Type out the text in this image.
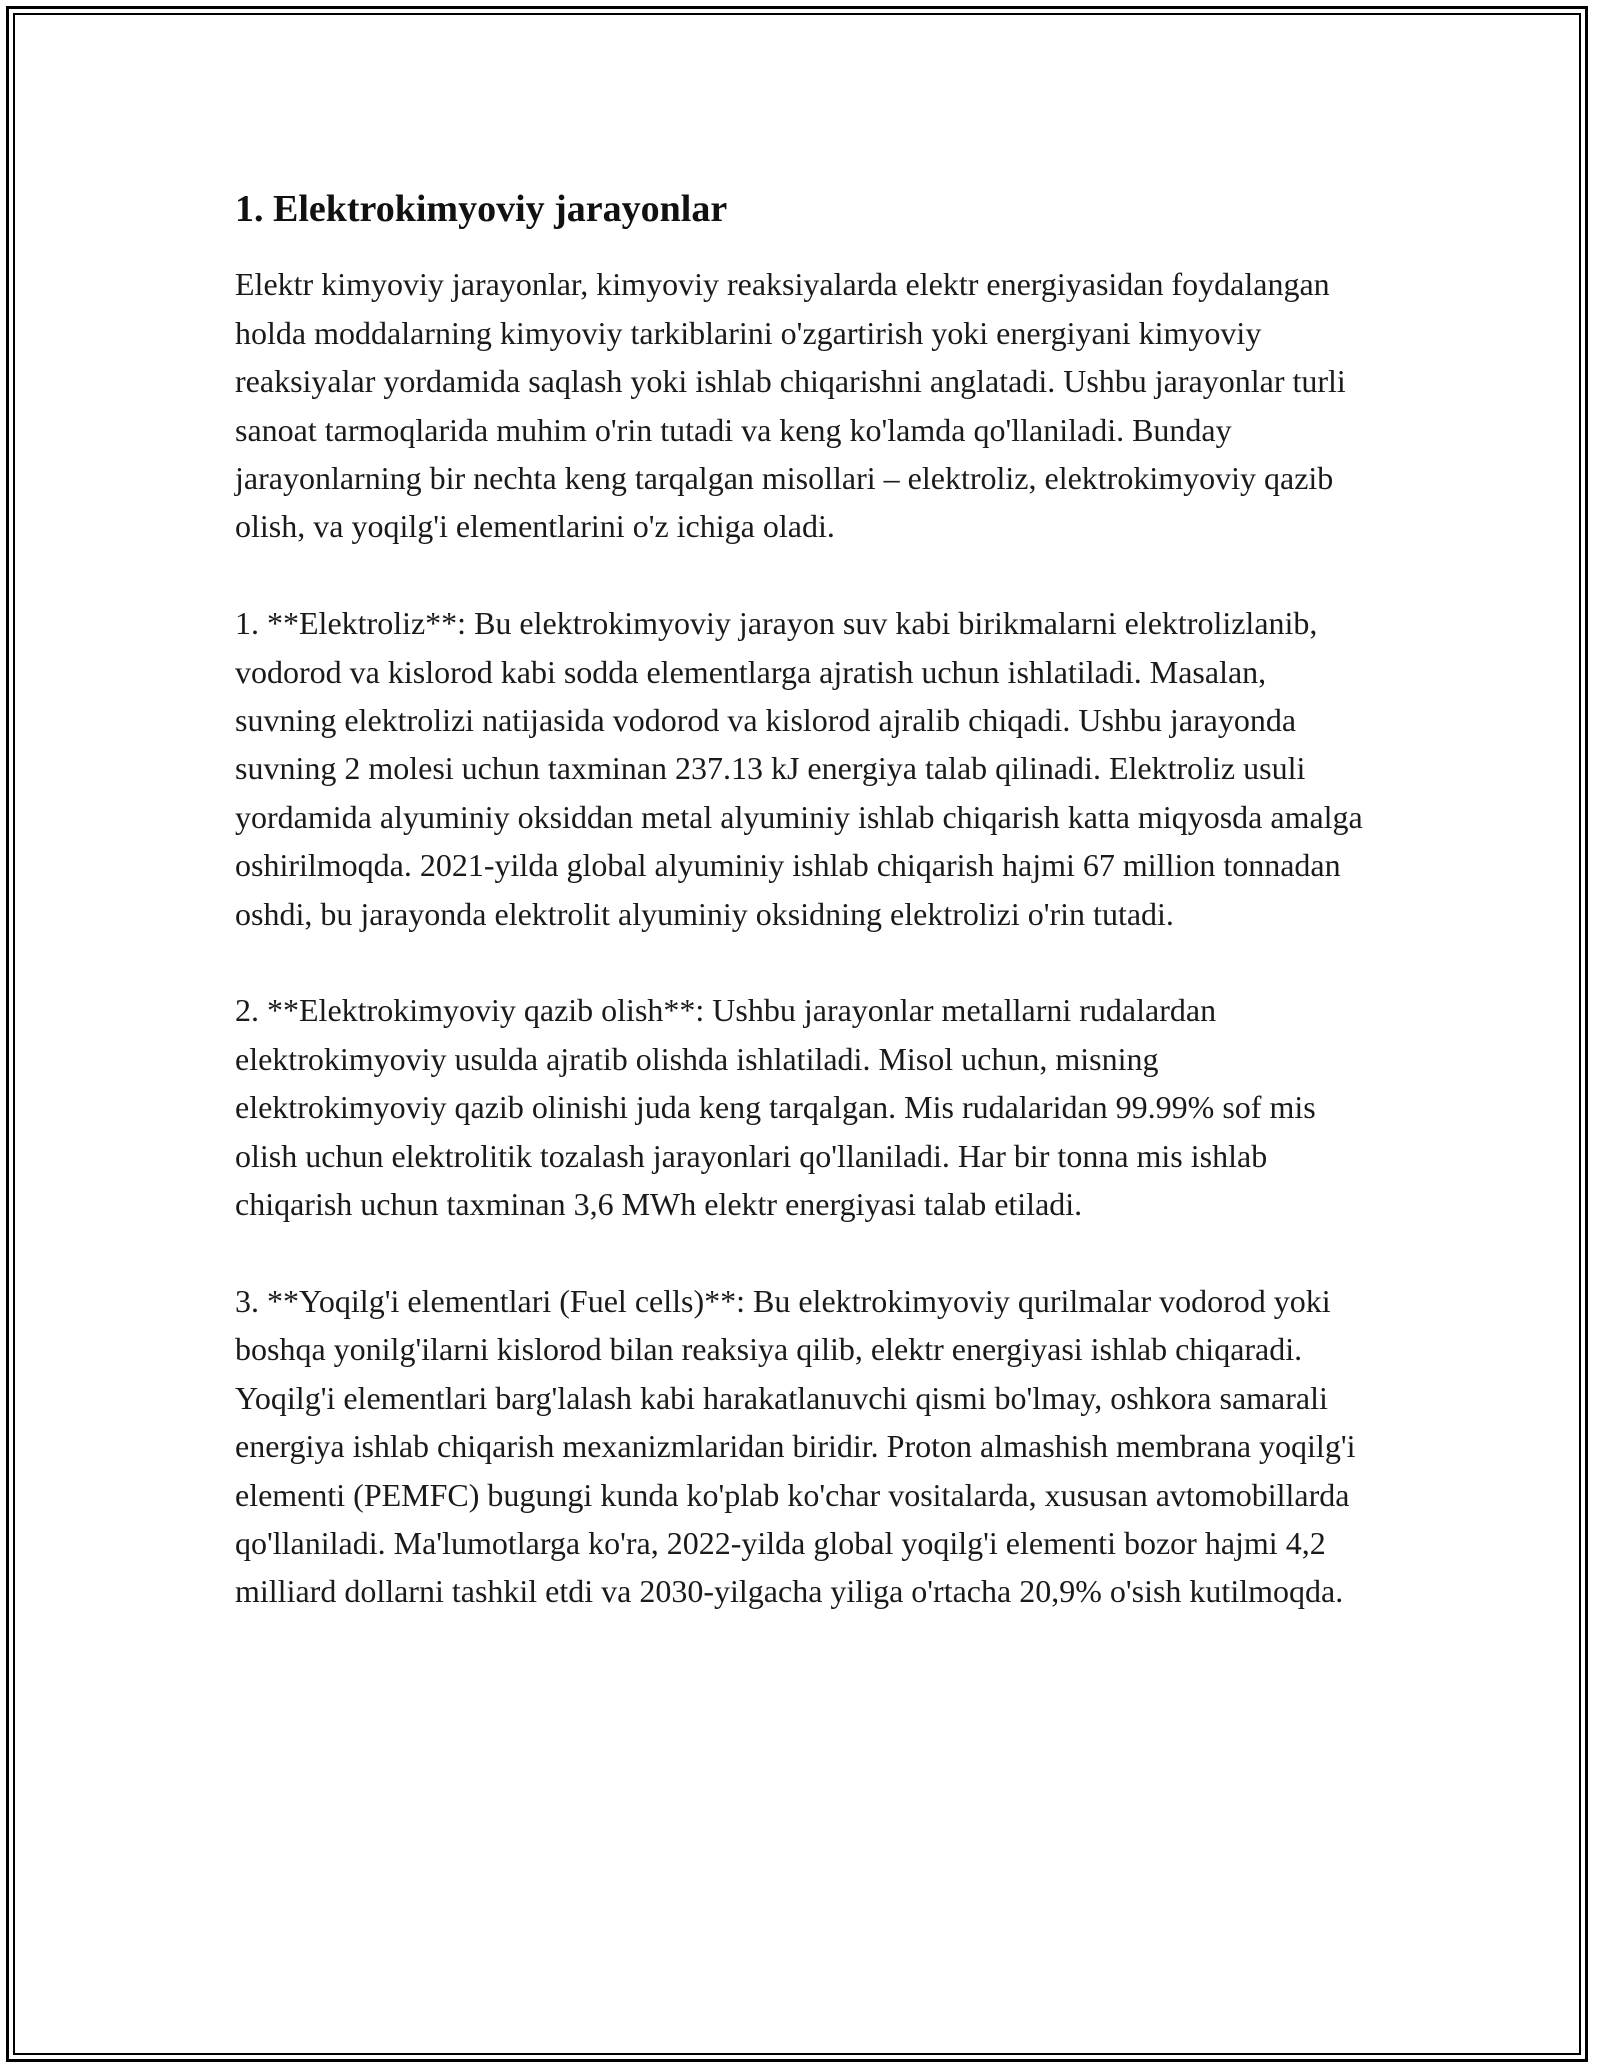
1. Elektrokimyoviy jarayonlar

Elektr kimyoviy jarayonlar, kimyoviy reaksiyalarda elektr energiyasidan foydalangan holda moddalarning kimyoviy tarkiblarini o'zgartirish yoki energiyani kimyoviy reaksiyalar yordamida saqlash yoki ishlab chiqarishni anglatadi. Ushbu jarayonlar turli sanoat tarmoqlarida muhim o'rin tutadi va keng ko'lamda qo'llaniladi. Bunday jarayonlarning bir nechta keng tarqalgan misollari – elektroliz, elektrokimyoviy qazib olish, va yoqilg'i elementlarini o'z ichiga oladi.

1. **Elektroliz**: Bu elektrokimyoviy jarayon suv kabi birikmalarni elektrolizlanib, vodorod va kislorod kabi sodda elementlarga ajratish uchun ishlatiladi. Masalan, suvning elektrolizi natijasida vodorod va kislorod ajralib chiqadi. Ushbu jarayonda suvning 2 molesi uchun taxminan 237.13 kJ energiya talab qilinadi. Elektroliz usuli yordamida alyuminiy oksiddan metal alyuminiy ishlab chiqarish katta miqyosda amalga oshirilmoqda. 2021-yilda global alyuminiy ishlab chiqarish hajmi 67 million tonnadan oshdi, bu jarayonda elektrolit alyuminiy oksidning elektrolizi o'rin tutadi.

2. **Elektrokimyoviy qazib olish**: Ushbu jarayonlar metallarni rudalardan elektrokimyoviy usulda ajratib olishda ishlatiladi. Misol uchun, misning elektrokimyoviy qazib olinishi juda keng tarqalgan. Mis rudalaridan 99.99% sof mis olish uchun elektrolitik tozalash jarayonlari qo'llaniladi. Har bir tonna mis ishlab chiqarish uchun taxminan 3,6 MWh elektr energiyasi talab etiladi.

3. **Yoqilg'i elementlari (Fuel cells)**: Bu elektrokimyoviy qurilmalar vodorod yoki boshqa yonilg'ilarni kislorod bilan reaksiya qilib, elektr energiyasi ishlab chiqaradi. Yoqilg'i elementlari barg'lalash kabi harakatlanuvchi qismi bo'lmay, oshkora samarali energiya ishlab chiqarish mexanizmlaridan biridir. Proton almashish membrana yoqilg'i elementi (PEMFC) bugungi kunda ko'plab ko'char vositalarda, xususan avtomobillarda qo'llaniladi. Ma'lumotlarga ko'ra, 2022-yilda global yoqilg'i elementi bozor hajmi 4,2 milliard dollarni tashkil etdi va 2030-yilgacha yiliga o'rtacha 20,9% o'sish kutilmoqda.
